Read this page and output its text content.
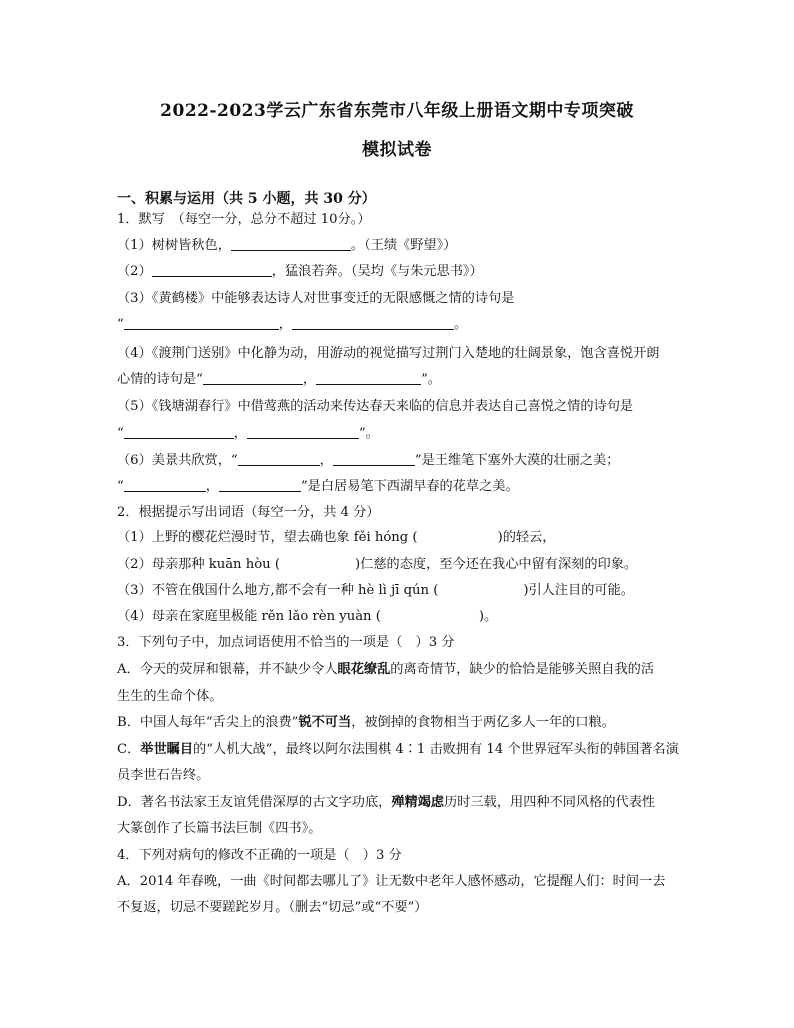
2022-2023学云广东省东莞市八年级上册语文期中专项突破
模拟试卷
一、积累与运用（共 5 小题，共 30 分）
1．默写　（每空一分，总分不超过 10分。）
（1）树树皆秋色，	。（王绩《野望》）
（2）	，猛浪若奔。（吴均《与朱元思书》）
（3）《黄鹤楼》中能够表达诗人对世事变迁的无限感慨之情的诗句是
“	，	。
（4）《渡荆门送别》中化静为动，用游动的视觉描写过荆门入楚地的壮阔景象，饱含喜悦开朗
心情的诗句是“	，	”。
（5）《钱塘湖春行》中借莺燕的活动来传达春天来临的信息并表达自己喜悦之情的诗句是
“	，	”。
（6）美景共欣赏，“	，	”是王维笔下塞外大漠的壮丽之美；
“	，	”是白居易笔下西湖早春的花草之美。
2．根据提示写出词语（每空一分，共 4 分）
（1）上野的樱花烂漫时节，望去确也象 fěi hóng (	)的轻云，
（2）母亲那种 kuān hòu (	)仁慈的态度，至今还在我心中留有深刻的印象。
（3）不管在俄国什么地方,都不会有一种 hè lì jī qún (	)引人注目的可能。
（4）母亲在家庭里极能 rěn lǎo rèn yuàn (	)。
3．下列句子中，加点词语使用不恰当的一项是（　）3 分
A．今天的荧屏和银幕，并不缺少令人眼花缭乱的离奇情节，缺少的恰恰是能够关照自我的活
生生的生命个体。
B．中国人每年“舌尖上的浪费”锐不可当，被倒掉的食物相当于两亿多人一年的口粮。
C．举世瞩目的“人机大战”，最终以阿尔法围棋 4∶1 击败拥有 14 个世界冠军头衔的韩国著名演
员李世石告终。
D．著名书法家王友谊凭借深厚的古文字功底，殚精竭虑历时三载，用四种不同风格的代表性
大篆创作了长篇书法巨制《四书》。
4．下列对病句的修改不正确的一项是（　）3 分
A．2014 年春晚，一曲《时间都去哪儿了》让无数中老年人感怀感动，它提醒人们：时间一去
不复返，切忌不要蹉跎岁月。（删去“切忌”或“不要”）
